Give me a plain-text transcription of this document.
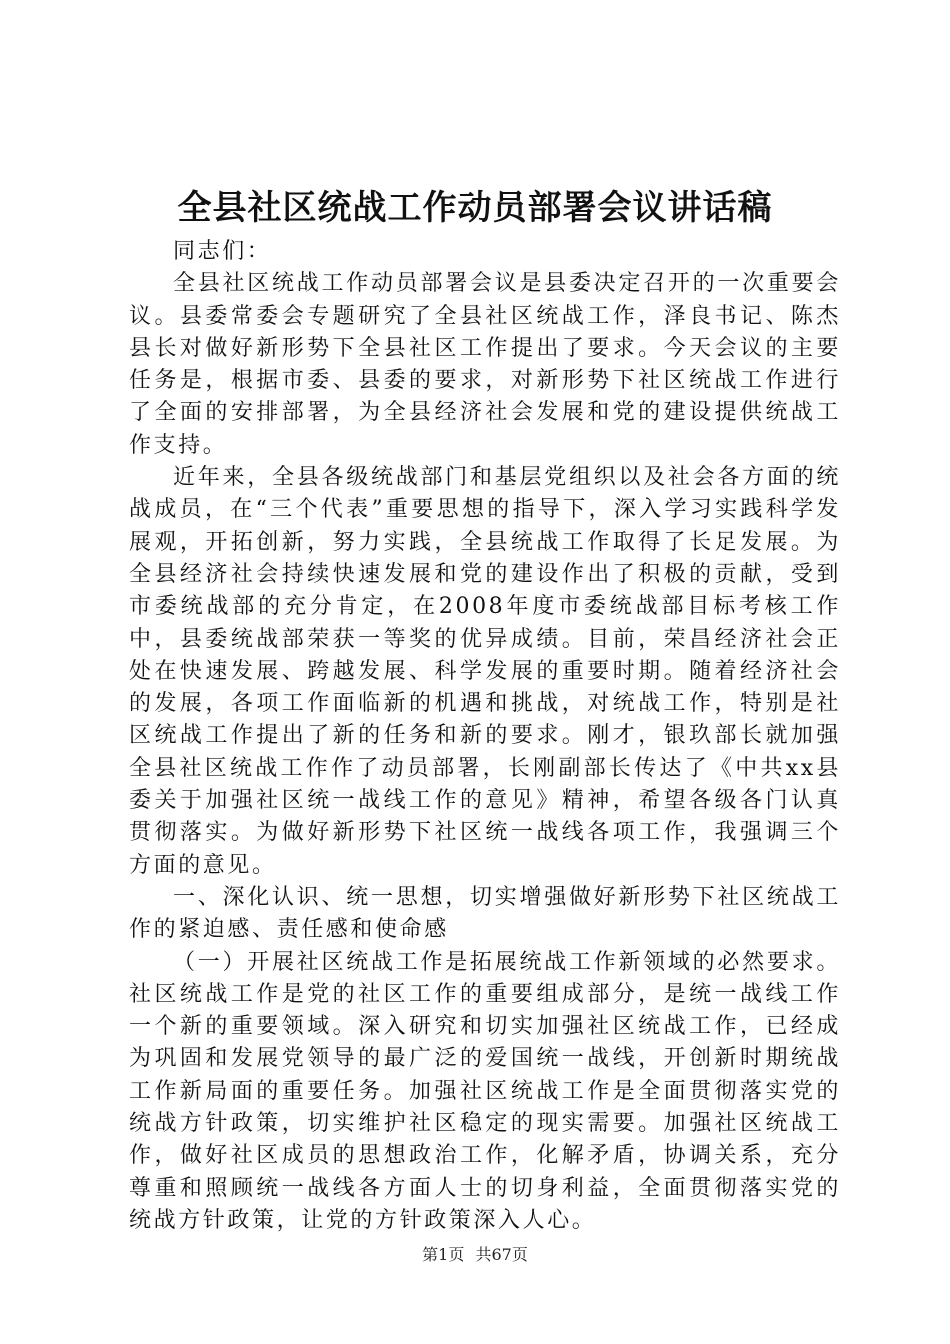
全县社区统战工作动员部署会议讲话稿

同志们：

全县社区统战工作动员部署会议是县委决定召开的一次重要会议。县委常委会专题研究了全县社区统战工作，泽良书记、陈杰县长对做好新形势下全县社区工作提出了要求。今天会议的主要任务是，根据市委、县委的要求，对新形势下社区统战工作进行了全面的安排部署，为全县经济社会发展和党的建设提供统战工作支持。

近年来，全县各级统战部门和基层党组织以及社会各方面的统战成员，在“三个代表”重要思想的指导下，深入学习实践科学发展观，开拓创新，努力实践，全县统战工作取得了长足发展。为全县经济社会持续快速发展和党的建设作出了积极的贡献，受到市委统战部的充分肯定，在2008年度市委统战部目标考核工作中，县委统战部荣获一等奖的优异成绩。目前，荣昌经济社会正处在快速发展、跨越发展、科学发展的重要时期。随着经济社会的发展，各项工作面临新的机遇和挑战，对统战工作，特别是社区统战工作提出了新的任务和新的要求。刚才，银玖部长就加强全县社区统战工作作了动员部署，长刚副部长传达了《中共xx县委关于加强社区统一战线工作的意见》精神，希望各级各门认真贯彻落实。为做好新形势下社区统一战线各项工作，我强调三个方面的意见。

一、深化认识、统一思想，切实增强做好新形势下社区统战工作的紧迫感、责任感和使命感

（一）开展社区统战工作是拓展统战工作新领域的必然要求。社区统战工作是党的社区工作的重要组成部分，是统一战线工作一个新的重要领域。深入研究和切实加强社区统战工作，已经成为巩固和发展党领导的最广泛的爱国统一战线，开创新时期统战工作新局面的重要任务。加强社区统战工作是全面贯彻落实党的统战方针政策，切实维护社区稳定的现实需要。加强社区统战工作，做好社区成员的思想政治工作，化解矛盾，协调关系，充分尊重和照顾统一战线各方面人士的切身利益，全面贯彻落实党的统战方针政策，让党的方针政策深入人心。

第1页 共67页
